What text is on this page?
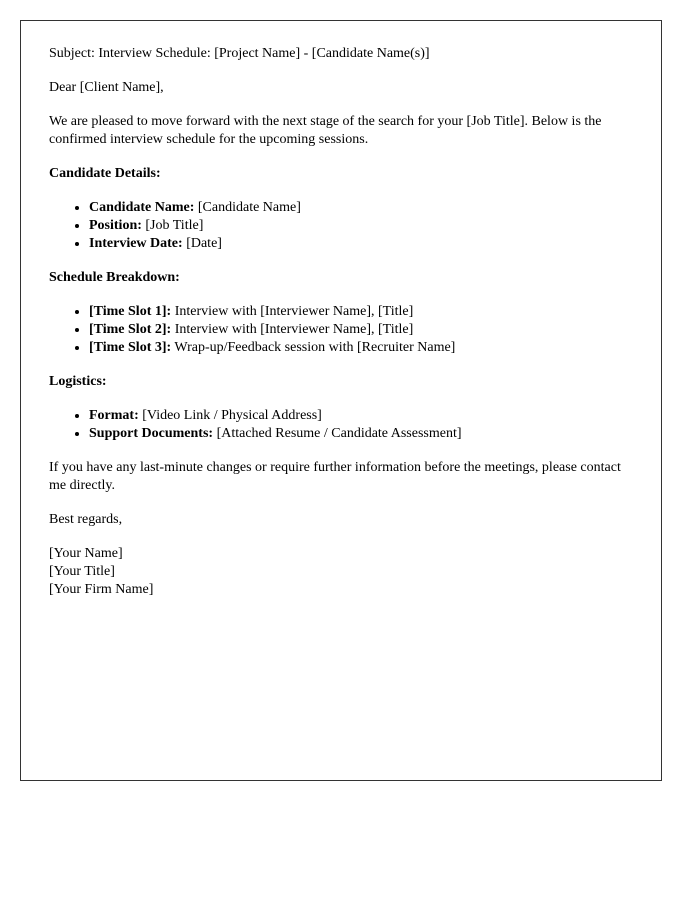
Subject: Interview Schedule: [Project Name] - [Candidate Name(s)]

Dear [Client Name],

We are pleased to move forward with the next stage of the search for your [Job Title]. Below is the confirmed interview schedule for the upcoming sessions.

Candidate Details:

• Candidate Name: [Candidate Name]
• Position: [Job Title]
• Interview Date: [Date]

Schedule Breakdown:

• [Time Slot 1]: Interview with [Interviewer Name], [Title]
• [Time Slot 2]: Interview with [Interviewer Name], [Title]
• [Time Slot 3]: Wrap-up/Feedback session with [Recruiter Name]

Logistics:

• Format: [Video Link / Physical Address]
• Support Documents: [Attached Resume / Candidate Assessment]

If you have any last-minute changes or require further information before the meetings, please contact me directly.

Best regards,

[Your Name]
[Your Title]
[Your Firm Name]
